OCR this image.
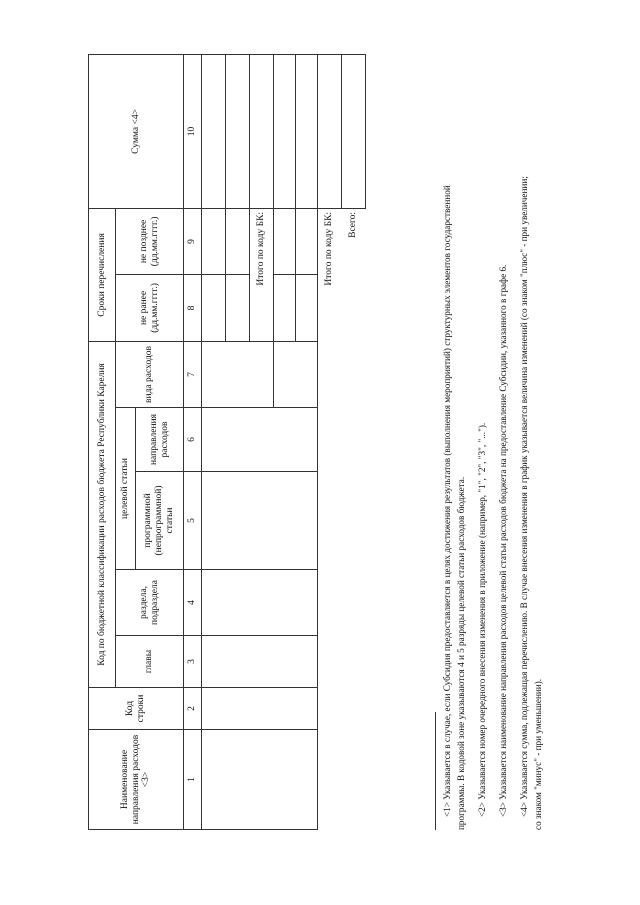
Наименование направления расходов <3>	Код строки	Код по бюджетной классификации расходов бюджета Республики Карелия					Сроки перечисления		Сумма <4>
		главы	раздела, подраздела	целевой статьи		вида расходов	не ранее (дд.мм.гггг.)	не позднее (дд.мм.гггг.)	
				программной (непрограммной) статьи	направления расходов				
1	2	3	4	5	6	7	8	9	10

							Итого по коду БК:		

						Итого по коду БК:			
						Всего:				<1> Указывается в случае, если Субсидия предоставляется в целях достижения результатов (выполнения мероприятий) структурных элементов государственной программы. В кодовой зоне указываются 4 и 5 разряды целевой статьи расходов бюджета. <2> Указывается номер очередного внесения изменения в приложение (например, "1", "2", "3", "..."). <3> Указывается наименование направления расходов целевой статьи расходов бюджета на предоставление Субсидии, указанного в графе 6. <4> Указывается сумма, подлежащая перечислению. В случае внесения изменения в график указывается величина изменений (со знаком "плюс" - при увеличении; со знаком "минус" - при уменьшении).
